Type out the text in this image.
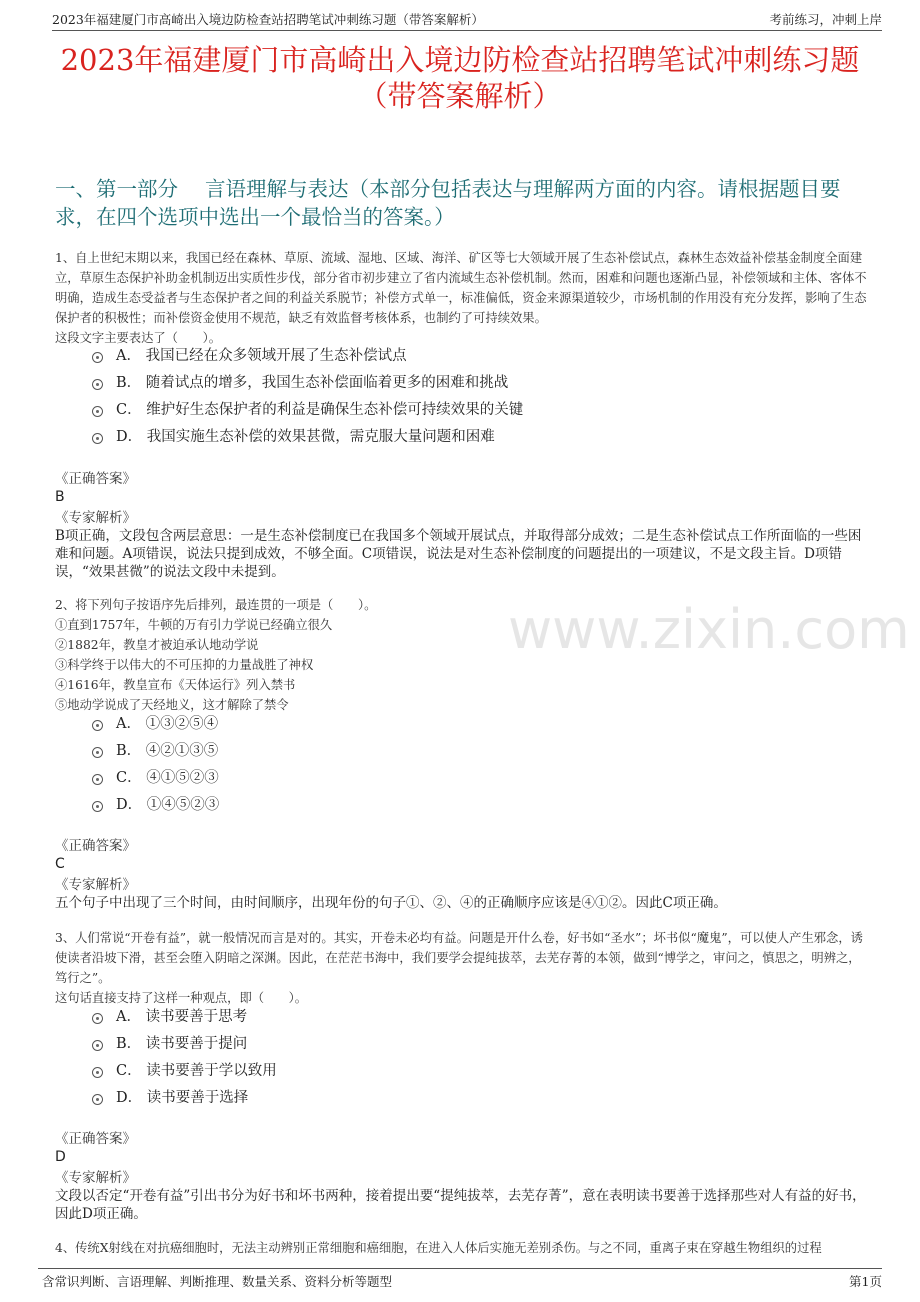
2023年福建厦门市高崎出入境边防检查站招聘笔试冲刺练习题（带答案解析）	考前练习，冲刺上岸
2023年福建厦门市高崎出入境边防检查站招聘笔试冲刺练习题
（带答案解析）
一、第一部分　 言语理解与表达（本部分包括表达与理解两方面的内容。请根据题目要求，在四个选项中选出一个最恰当的答案。）
www.zixin.com

1、自上世纪末期以来，我国已经在森林、草原、流域、湿地、区域、海洋、矿区等七大领域开展了生态补偿试点，森林生态效益补偿基金制度全面建立，草原生态保护补助金机制迈出实质性步伐，部分省市初步建立了省内流域生态补偿机制。然而，困难和问题也逐渐凸显，补偿领域和主体、客体不明确，造成生态受益者与生态保护者之间的利益关系脱节；补偿方式单一，标准偏低，资金来源渠道较少，市场机制的作用没有充分发挥，影响了生态保护者的积极性；而补偿资金使用不规范，缺乏有效监督考核体系，也制约了可持续效果。

这段文字主要表达了（　　）。

A． 我国已经在众多领域开展了生态补偿试点
B． 随着试点的增多，我国生态补偿面临着更多的困难和挑战
C． 维护好生态保护者的利益是确保生态补偿可持续效果的关键
D． 我国实施生态补偿的效果甚微，需克服大量问题和困难
《正确答案》
B
《专家解析》
B项正确，文段包含两层意思：一是生态补偿制度已在我国多个领域开展试点，并取得部分成效；二是生态补偿试点工作所面临的一些困难和问题。A项错误，说法只提到成效，不够全面。C项错误，说法是对生态补偿制度的问题提出的一项建议，不是文段主旨。D项错误，“效果甚微”的说法文段中未提到。

2、将下列句子按语序先后排列，最连贯的一项是（　　）。

①直到1757年，牛顿的万有引力学说已经确立很久

②1882年，教皇才被迫承认地动学说

③科学终于以伟大的不可压抑的力量战胜了神权

④1616年，教皇宣布《天体运行》列入禁书

⑤地动学说成了天经地义，这才解除了禁令

A． ①③②⑤④
B． ④②①③⑤
C． ④①⑤②③
D． ①④⑤②③
《正确答案》
C
《专家解析》
五个句子中出现了三个时间，由时间顺序，出现年份的句子①、②、④的正确顺序应该是④①②。因此C项正确。

3、人们常说“开卷有益”，就一般情况而言是对的。其实，开卷未必均有益。问题是开什么卷，好书如“圣水”；坏书似“魔鬼”，可以使人产生邪念，诱使读者沿坡下滑，甚至会堕入阴暗之深渊。因此，在茫茫书海中，我们要学会提纯拔萃，去芜存菁的本领，做到“博学之，审问之，慎思之，明辨之，笃行之”。

这句话直接支持了这样一种观点，即（　　）。

A． 读书要善于思考
B． 读书要善于提问
C． 读书要善于学以致用
D． 读书要善于选择
《正确答案》
D
《专家解析》
文段以否定“开卷有益”引出书分为好书和坏书两种，接着提出要“提纯拔萃，去芜存菁”，意在表明读书要善于选择那些对人有益的好书，因此D项正确。

4、传统X射线在对抗癌细胞时，无法主动辨别正常细胞和癌细胞，在进入人体后实施无差别杀伤。与之不同，重离子束在穿越生物组织的过程

含常识判断、言语理解、判断推理、数量关系、资料分析等题型	第1页
